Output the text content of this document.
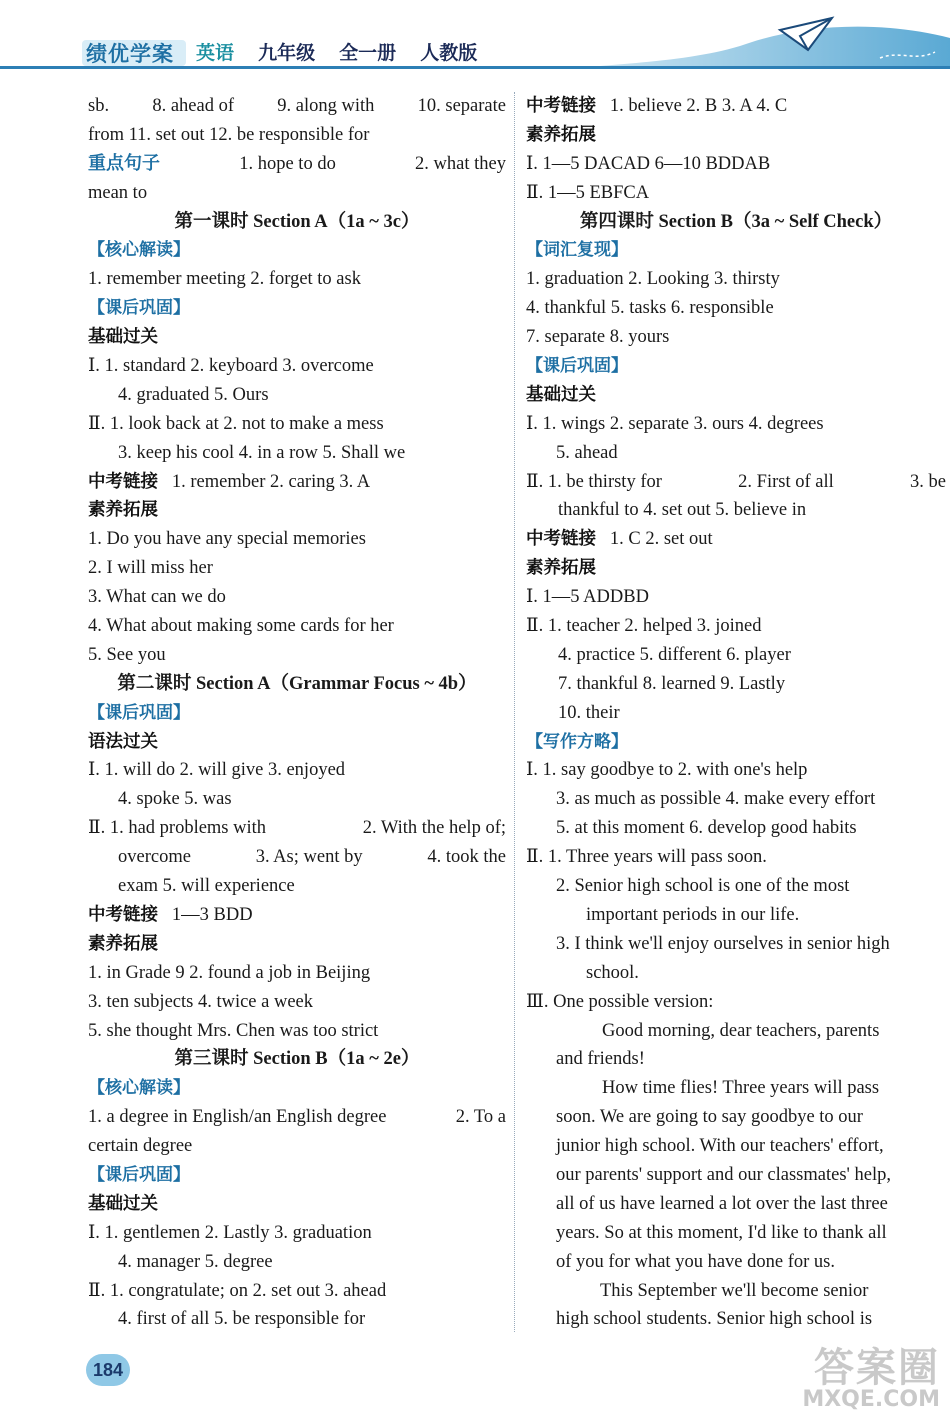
绩优学案 英语 九年级 全一册 人教版
sb. 8. ahead of 9. along with 10. separate
from 11. set out 12. be responsible for
重点句子	1. hope to do	2. what they
mean to
第一课时 Section A（1a ~ 3c）
【核心解读】
1. remember meeting 2. forget to ask
【课后巩固】
基础过关
Ⅰ. 1. standard 2. keyboard 3. overcome
4. graduated 5. Ours
Ⅱ. 1. look back at 2. not to make a mess
3. keep his cool 4. in a row 5. Shall we
中考链接 1. remember 2. caring 3. A
素养拓展
1. Do you have any special memories
2. I will miss her
3. What can we do
4. What about making some cards for her
5. See you
第二课时 Section A（Grammar Focus ~ 4b）
【课后巩固】
语法过关
Ⅰ. 1. will do 2. will give 3. enjoyed
4. spoke 5. was
Ⅱ. 1. had problems with	2. With the help of;
overcome	3. As; went by	4. took the
exam 5. will experience
中考链接 1—3 BDD
素养拓展
1. in Grade 9 2. found a job in Beijing
3. ten subjects 4. twice a week
5. she thought Mrs. Chen was too strict
第三课时 Section B（1a ~ 2e）
【核心解读】
1. a degree in English/an English degree	2. To a
certain degree
【课后巩固】
基础过关
Ⅰ. 1. gentlemen 2. Lastly 3. graduation
4. manager 5. degree
Ⅱ. 1. congratulate; on 2. set out 3. ahead
4. first of all 5. be responsible for
中考链接 1. believe 2. B 3. A 4. C
素养拓展
Ⅰ. 1—5 DACAD 6—10 BDDAB
Ⅱ. 1—5 EBFCA
第四课时 Section B（3a ~ Self Check）
【词汇复现】
1. graduation 2. Looking 3. thirsty
4. thankful 5. tasks 6. responsible
7. separate 8. yours
【课后巩固】
基础过关
Ⅰ. 1. wings 2. separate 3. ours 4. degrees
5. ahead
Ⅱ. 1. be thirsty for	2. First of all	3. be
thankful to 4. set out 5. believe in
中考链接 1. C 2. set out
素养拓展
Ⅰ. 1—5 ADDBD
Ⅱ. 1. teacher 2. helped 3. joined
4. practice 5. different 6. player
7. thankful 8. learned 9. Lastly
10. their
【写作方略】
Ⅰ. 1. say goodbye to 2. with one's help
3. as much as possible 4. make every effort
5. at this moment 6. develop good habits
Ⅱ. 1. Three years will pass soon.
2. Senior high school is one of the most
important periods in our life.
3. I think we'll enjoy ourselves in senior high
school.
Ⅲ. One possible version:
Good morning, dear teachers, parents
and friends!
How time flies! Three years will pass
soon. We are going to say goodbye to our
junior high school. With our teachers' effort,
our parents' support and our classmates' help,
all of us have learned a lot over the last three
years. So at this moment, I'd like to thank all
of you for what you have done for us.
This September we'll become senior
high school students. Senior high school is
184	答案圈
MXQE.COM
